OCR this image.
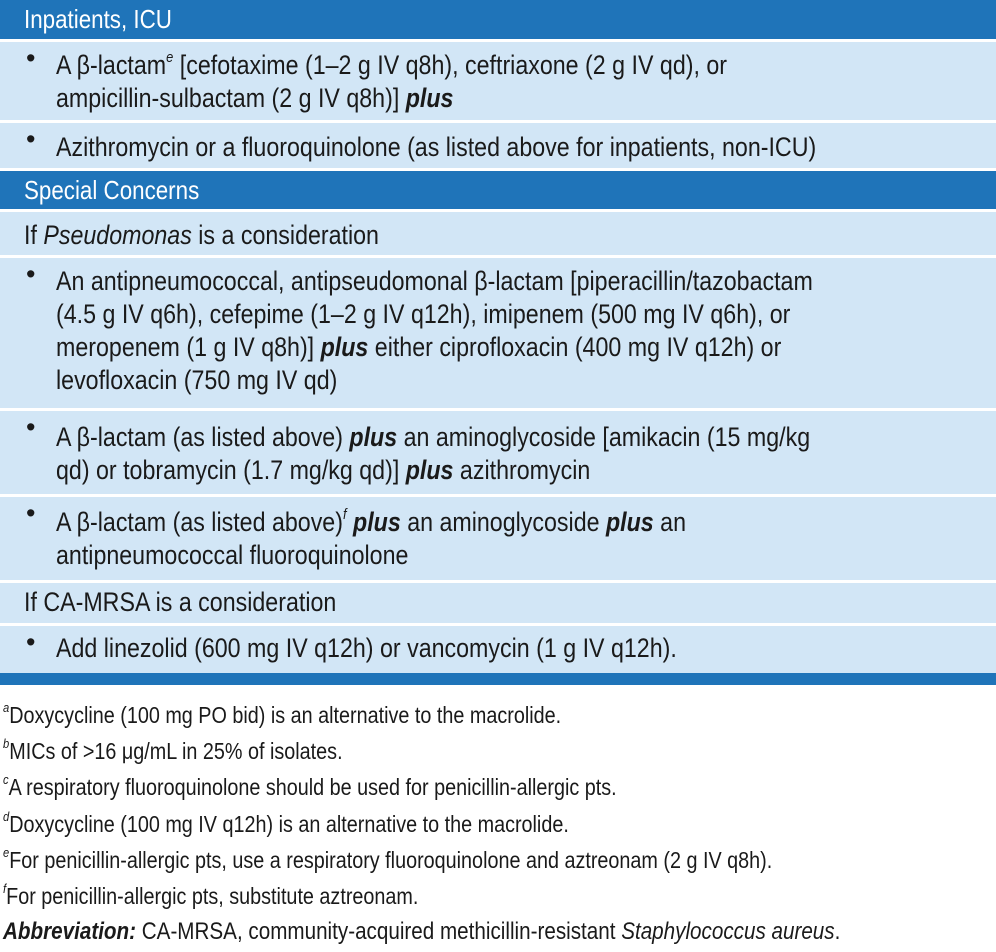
Inpatients, ICU
• A β-lactam$^e$ [cefotaxime (1–2 g IV q8h), ceftriaxone (2 g IV qd), or
ampicillin-sulbactam (2 g IV q8h)] plus
• Azithromycin or a fluoroquinolone (as listed above for inpatients, non-ICU)
Special Concerns
If Pseudomonas is a consideration
• An antipneumococcal, antipseudomonal β-lactam [piperacillin/tazobactam
(4.5 g IV q6h), cefepime (1–2 g IV q12h), imipenem (500 mg IV q6h), or
meropenem (1 g IV q8h)] plus either ciprofloxacin (400 mg IV q12h) or
levofloxacin (750 mg IV qd)
• A β-lactam (as listed above) plus an aminoglycoside [amikacin (15 mg/kg
qd) or tobramycin (1.7 mg/kg qd)] plus azithromycin
• A β-lactam (as listed above)$^f$ plus an aminoglycoside plus an
antipneumococcal fluoroquinolone
If CA-MRSA is a consideration
• Add linezolid (600 mg IV q12h) or vancomycin (1 g IV q12h).
$^a$Doxycycline (100 mg PO bid) is an alternative to the macrolide.
$^b$MICs of >16 μg/mL in 25% of isolates.
$^c$A respiratory fluoroquinolone should be used for penicillin-allergic pts.
$^d$Doxycycline (100 mg IV q12h) is an alternative to the macrolide.
$^e$For penicillin-allergic pts, use a respiratory fluoroquinolone and aztreonam (2 g IV q8h).
$^f$For penicillin-allergic pts, substitute aztreonam.
Abbreviation: CA-MRSA, community-acquired methicillin-resistant Staphylococcus aureus.
